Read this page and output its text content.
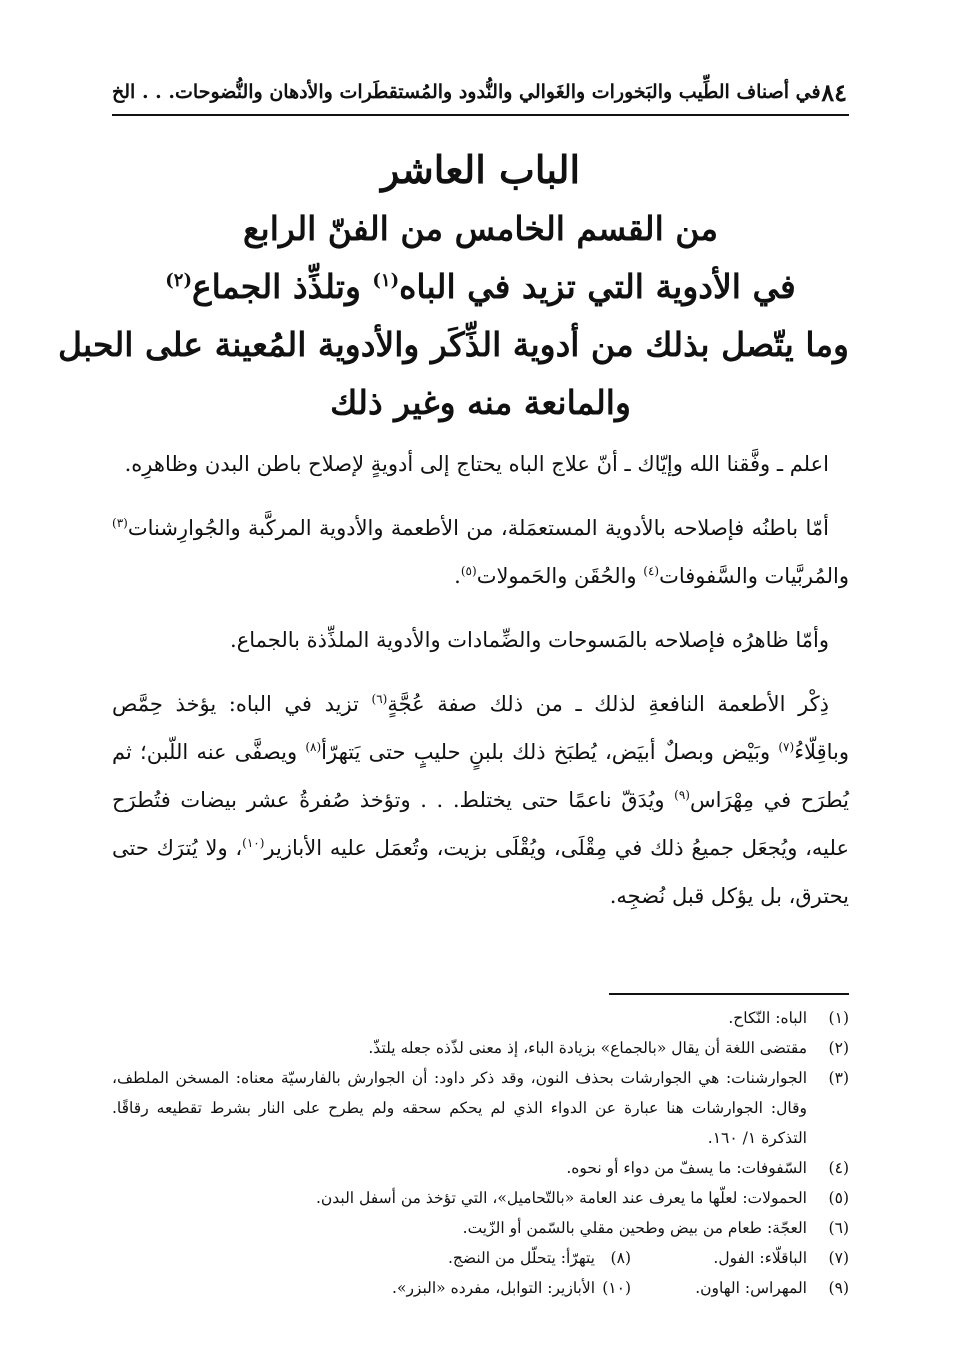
٨٤
في أصناف الطِّيب والبَخورات والغَوالي والنُّدود والمُستقطَرات والأدهان والنُّضوحات. . . الخ
الباب العاشر
من القسم الخامس من الفنّ الرابع
في الأدوية التي تزيد في الباه$^{(١)}$ وتلذِّذ الجماع$^{(٢)}$
وما يتّصل بذلك من أدوية الذِّكَر والأدوية المُعينة على الحبل
والمانعة منه وغير ذلك

اعلم ـ وفَّقنا الله وإيّاك ـ أنّ علاج الباه يحتاج إلى أدويةٍ لإصلاح باطن البدن وظاهرِه.

أمّا باطنُه فإصلاحه بالأدوية المستعمَلة، من الأطعمة والأدوية المركَّبة والجُوارِشنات$^{(٣)}$ والمُربَّيات والسَّفوفات$^{(٤)}$ والحُقَن والحَمولات$^{(٥)}$.

وأمّا ظاهرُه فإصلاحه بالمَسوحات والضِّمادات والأدوية الملذِّذة بالجماع.

ذِكْر الأطعمة النافعةِ لذلك ـ من ذلك صفة عُجَّةٍ$^{(٦)}$ تزيد في الباه: يؤخذ حِمَّص وباقِلّاءُ$^{(٧)}$ وبَيْض وبصلٌ أبيَض، يُطبَخ ذلك بلبنٍ حليبٍ حتى يَتهرّأ$^{(٨)}$ ويصفَّى عنه اللّبن؛ ثم يُطرَح في مِهْرَاس$^{(٩)}$ ويُدَقّ ناعمًا حتى يختلط. . . وتؤخذ صُفرةُ عشر بيضات فتُطرَح عليه، ويُجعَل جميعُ ذلك في مِقْلَى، ويُقْلَى بزيت، وتُعمَل عليه الأبازير$^{(١٠)}$، ولا يُترَك حتى يحترق، بل يؤكل قبل نُضجِه.

(١)
الباه: النّكاح.
(٢)
مقتضى اللغة أن يقال «بالجماع» بزيادة الباء، إذ معنى لذّذه جعله يلتذّ.
(٣)
الجوارشنات: هي الجوارشات بحذف النون، وقد ذكر داود: أن الجوارش بالفارسيّة معناه: المسخن الملطف، وقال: الجوارشات هنا عبارة عن الدواء الذي لم يحكم سحقه ولم يطرح على النار بشرط تقطيعه رقاقًا. التذكرة ١/ ١٦٠.
(٤)
السّفوفات: ما يسفّ من دواء أو نحوه.
(٥)
الحمولات: لعلّها ما يعرف عند العامة «بالتّحاميل»، التي تؤخذ من أسفل البدن.
(٦)
العجّة: طعام من بيض وطحين مقلي بالسّمن أو الزّيت.
(٧)
الباقلّاء: الفول.
(٨)
يتهرّأ: يتحلّل من النضج.
(٩)
المهراس: الهاون.
(١٠)
الأبازير: التوابل، مفرده «البزر».
